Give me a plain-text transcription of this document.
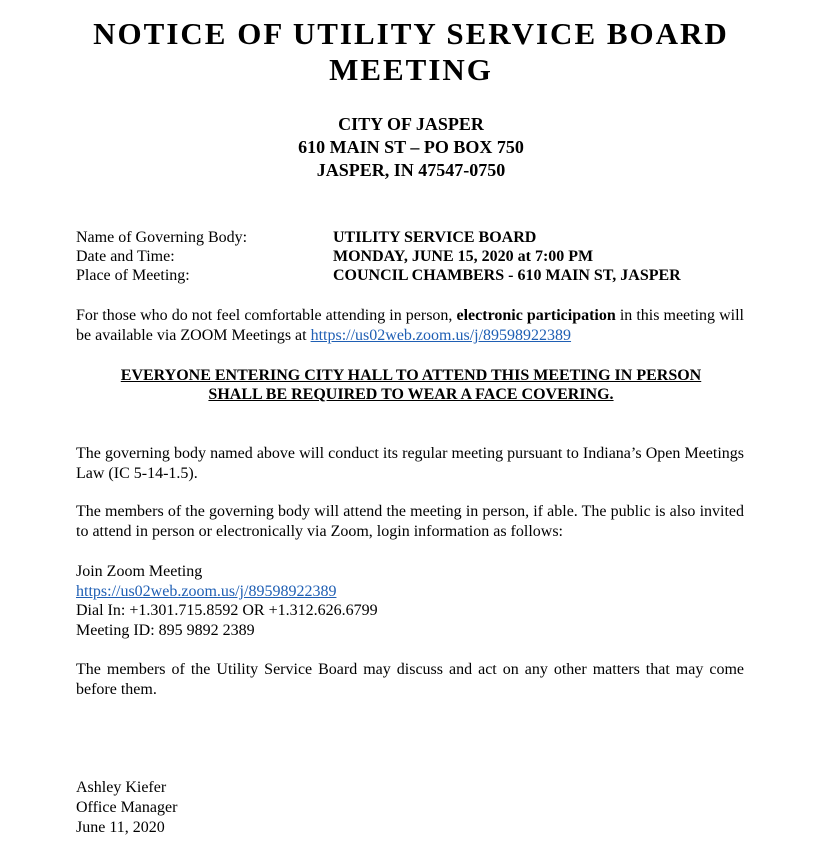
NOTICE OF UTILITY SERVICE BOARD
MEETING
CITY OF JASPER
610 MAIN ST – PO BOX 750
JASPER, IN 47547-0750
Name of Governing Body:	UTILITY SERVICE BOARD
Date and Time:	MONDAY, JUNE 15, 2020 at 7:00 PM
Place of Meeting:	COUNCIL CHAMBERS - 610 MAIN ST, JASPER
For those who do not feel comfortable attending in person, electronic participation in this meeting will be available via ZOOM Meetings at https://us02web.zoom.us/j/89598922389
EVERYONE ENTERING CITY HALL TO ATTEND THIS MEETING IN PERSON
SHALL BE REQUIRED TO WEAR A FACE COVERING.
The governing body named above will conduct its regular meeting pursuant to Indiana’s Open Meetings Law (IC 5-14-1.5).
The members of the governing body will attend the meeting in person, if able. The public is also invited to attend in person or electronically via Zoom, login information as follows:
Join Zoom Meeting
https://us02web.zoom.us/j/89598922389
Dial In: +1.301.715.8592 OR +1.312.626.6799
Meeting ID: 895 9892 2389
The members of the Utility Service Board may discuss and act on any other matters that may come before them.
Ashley Kiefer
Office Manager
June 11, 2020
